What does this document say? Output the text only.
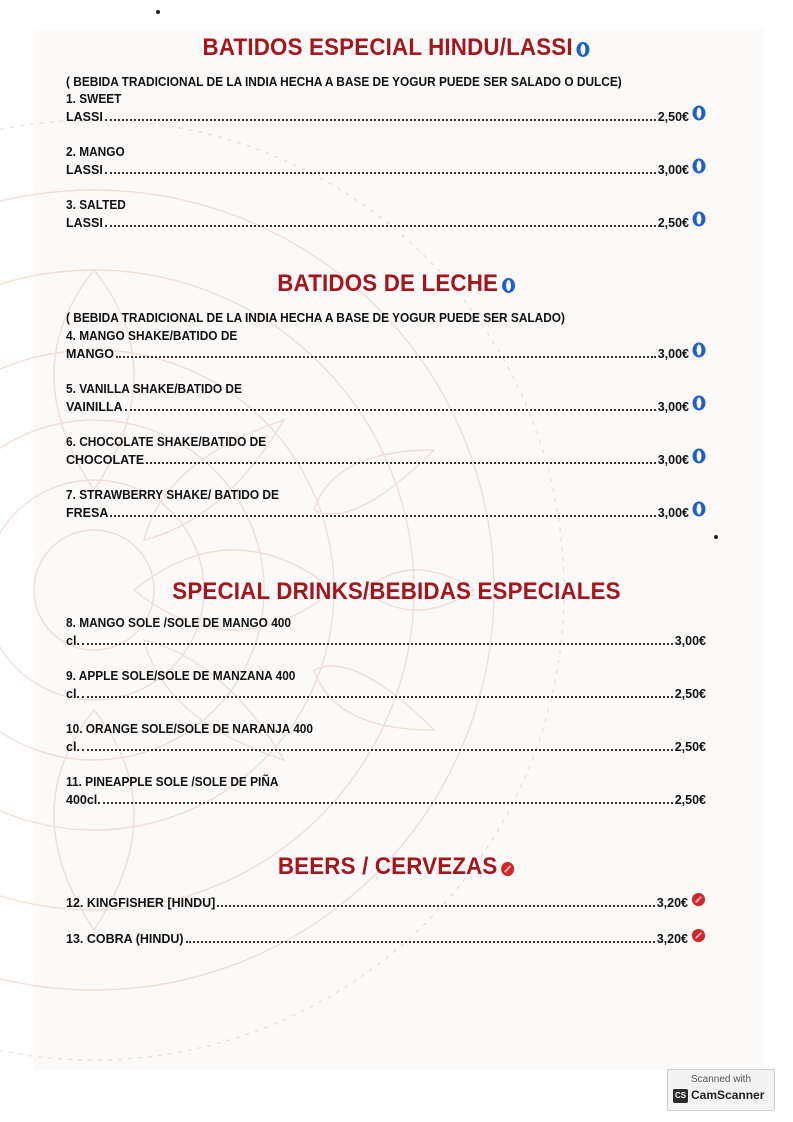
BATIDOS ESPECIAL HINDU/LASSI
( BEBIDA TRADICIONAL DE LA INDIA HECHA A BASE DE YOGUR PUEDE SER SALADO O DULCE)
1. SWEET
LASSI	2,50€
2. MANGO
LASSI	3,00€
3. SALTED
LASSI	2,50€
BATIDOS DE LECHE
( BEBIDA TRADICIONAL DE LA INDIA HECHA A BASE DE YOGUR PUEDE SER SALADO)
4. MANGO SHAKE/BATIDO DE
MANGO	3,00€
5. VANILLA SHAKE/BATIDO DE
VAINILLA	3,00€
6. CHOCOLATE SHAKE/BATIDO DE
CHOCOLATE	3,00€
7. STRAWBERRY SHAKE/ BATIDO DE
FRESA	3,00€
SPECIAL DRINKS/BEBIDAS ESPECIALES
8. MANGO SOLE /SOLE DE MANGO 400
cl.	3,00€
9. APPLE SOLE/SOLE DE MANZANA 400
cl.	2,50€
10. ORANGE SOLE/SOLE DE NARANJA 400
cl.	2,50€
11. PINEAPPLE SOLE /SOLE DE PIÑA
400cl.	2,50€
BEERS / CERVEZAS
12. KINGFISHER [HINDU]	3,20€
13. COBRA (HINDU)	3,20€
Scanned with
CS CamScanner
